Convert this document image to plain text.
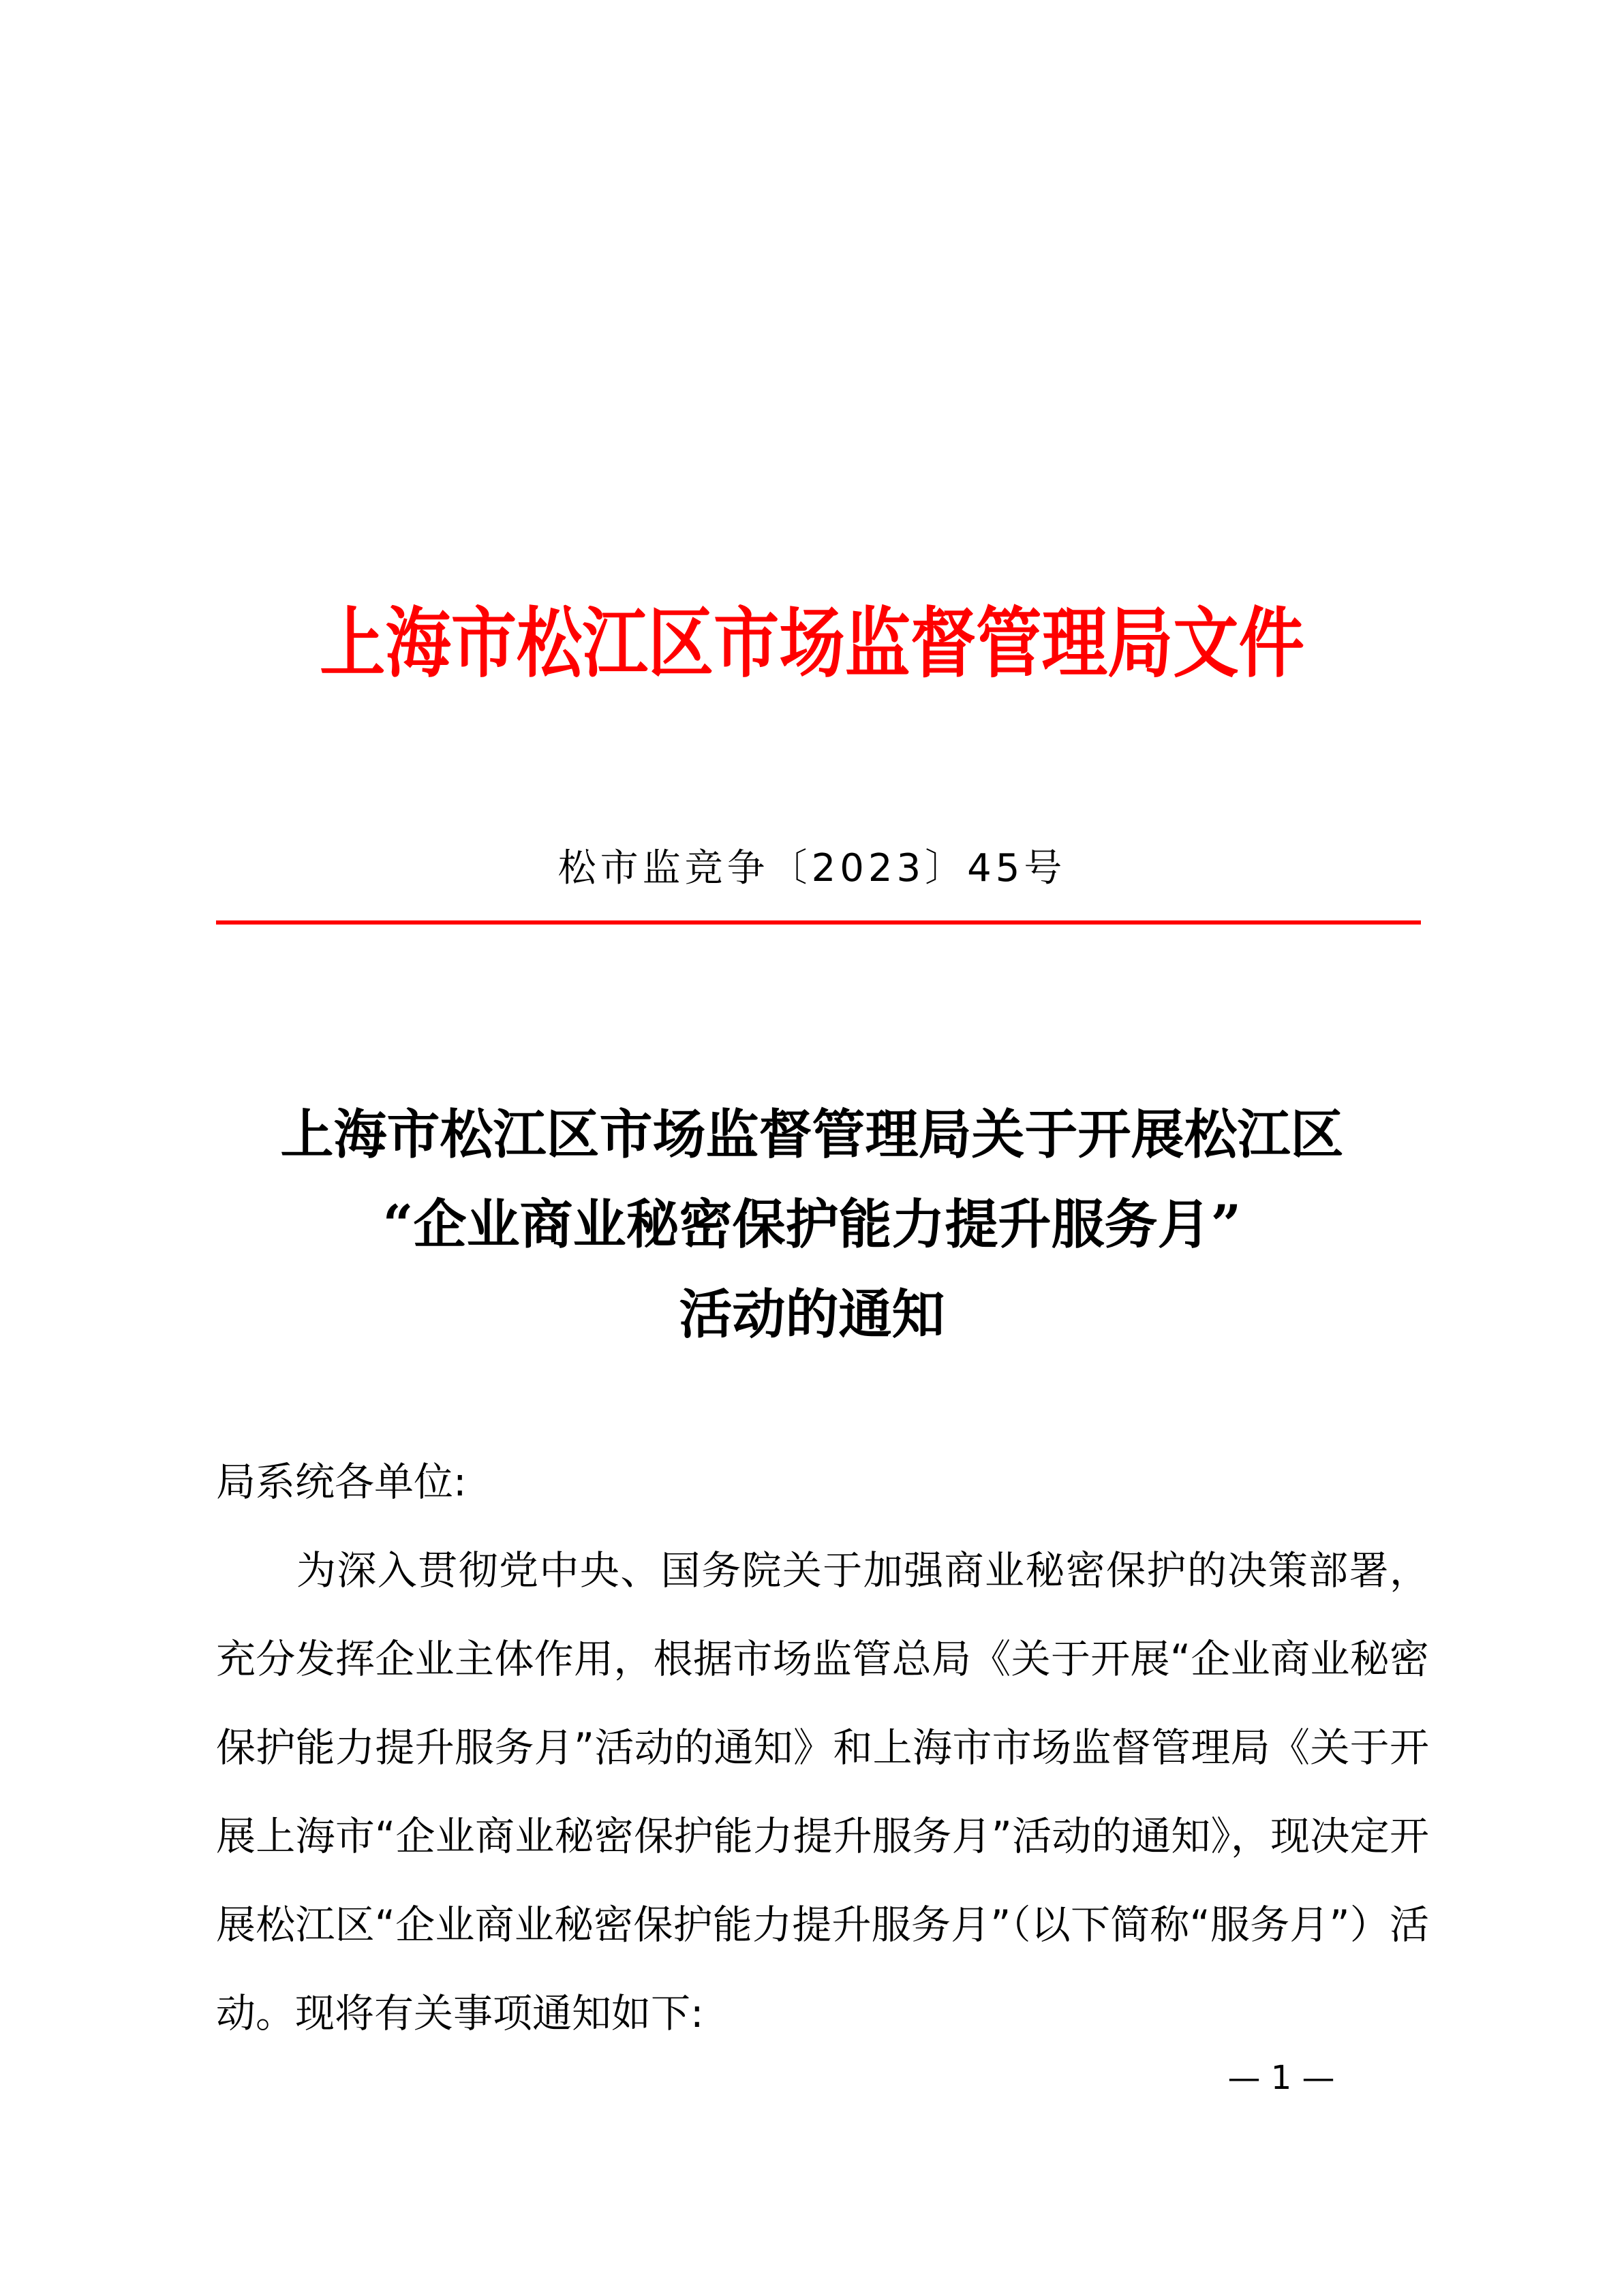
上海市松江区市场监督管理局文件
松市监竞争〔2023〕45号
上海市松江区市场监督管理局关于开展松江区
“企业商业秘密保护能力提升服务月”
活动的通知
局系统各单位:
为深入贯彻党中央、国务院关于加强商业秘密保护的决策部署，充分发挥企业主体作用，根据市场监管总局《关于开展“企业商业秘密保护能力提升服务月”活动的通知》和上海市市场监督管理局《关于开展上海市“企业商业秘密保护能力提升服务月”活动的通知》，现决定开展松江区“企业商业秘密保护能力提升服务月”（以下简称“服务月”）活动。现将有关事项通知如下:
— 1 —
